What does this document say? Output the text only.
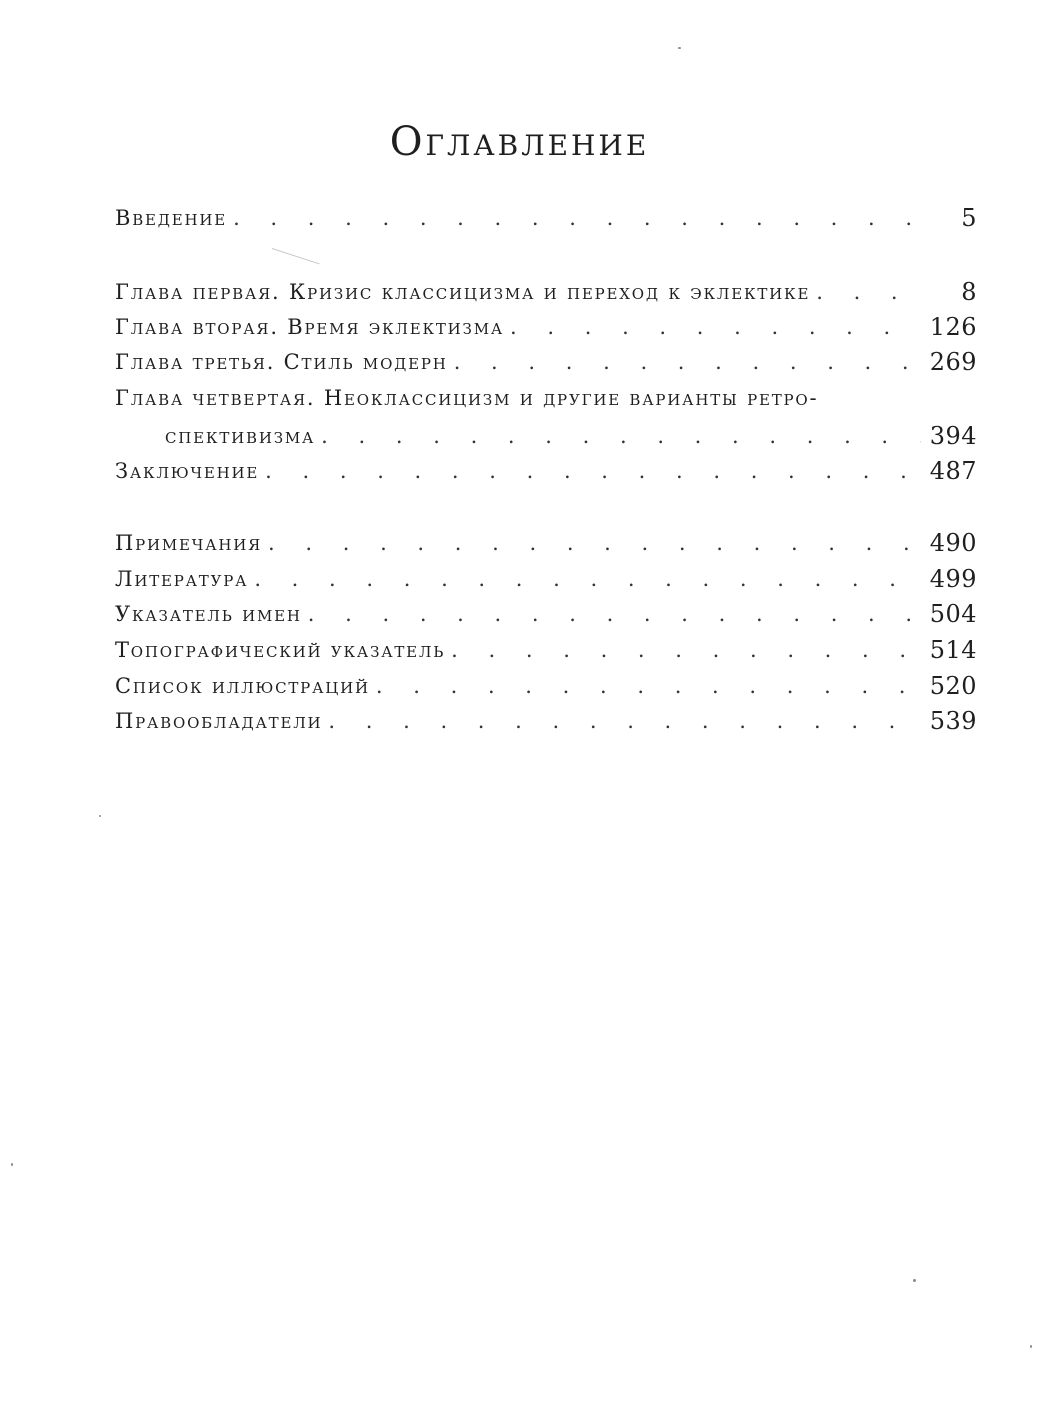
Оглавление
Введение . . .	5
Глава первая. Кризис классицизма и переход к эклектике . . .	8
Глава вторая. Время эклектизма . . .	126
Глава третья. Стиль модерн . . .	269
Глава четвертая. Неоклассицизм и другие варианты ретро-
спективизма . . .	394
Заключение . . .	487
Примечания . . .	490
Литература . . .	499
Указатель имен . . .	504
Топографический указатель . . .	514
Список иллюстраций . . .	520
Правообладатели . . .	539
